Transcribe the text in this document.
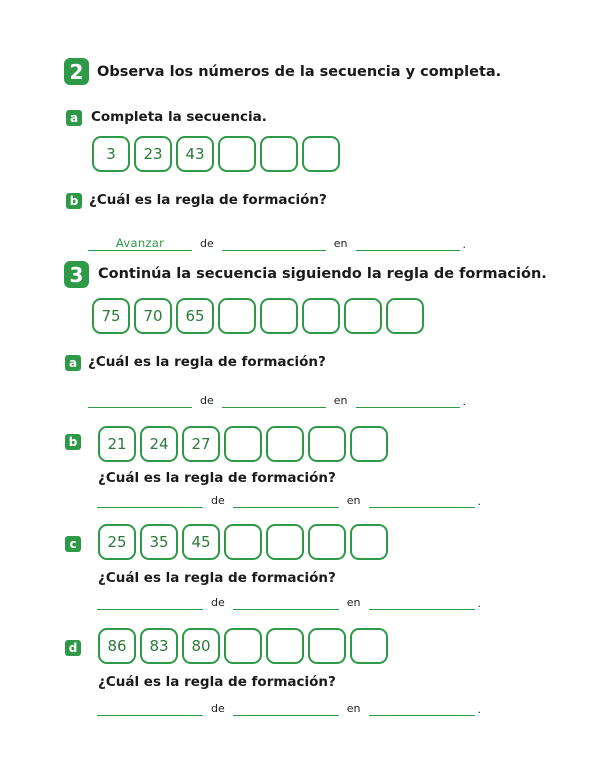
2 Observa los números de la secuencia y completa.
a Completa la secuencia.
3	23	43
b ¿Cuál es la regla de formación?
Avanzar	de	en	.
3	Continúa la secuencia siguiendo la regla de formación.
75	70	65
a ¿Cuál es la regla de formación?
de	en	.
b	21	24	27
¿Cuál es la regla de formación?
de	en	.
c	25	35	45
¿Cuál es la regla de formación?
de	en	.
d	86	83	80
¿Cuál es la regla de formación?
de	en	.
